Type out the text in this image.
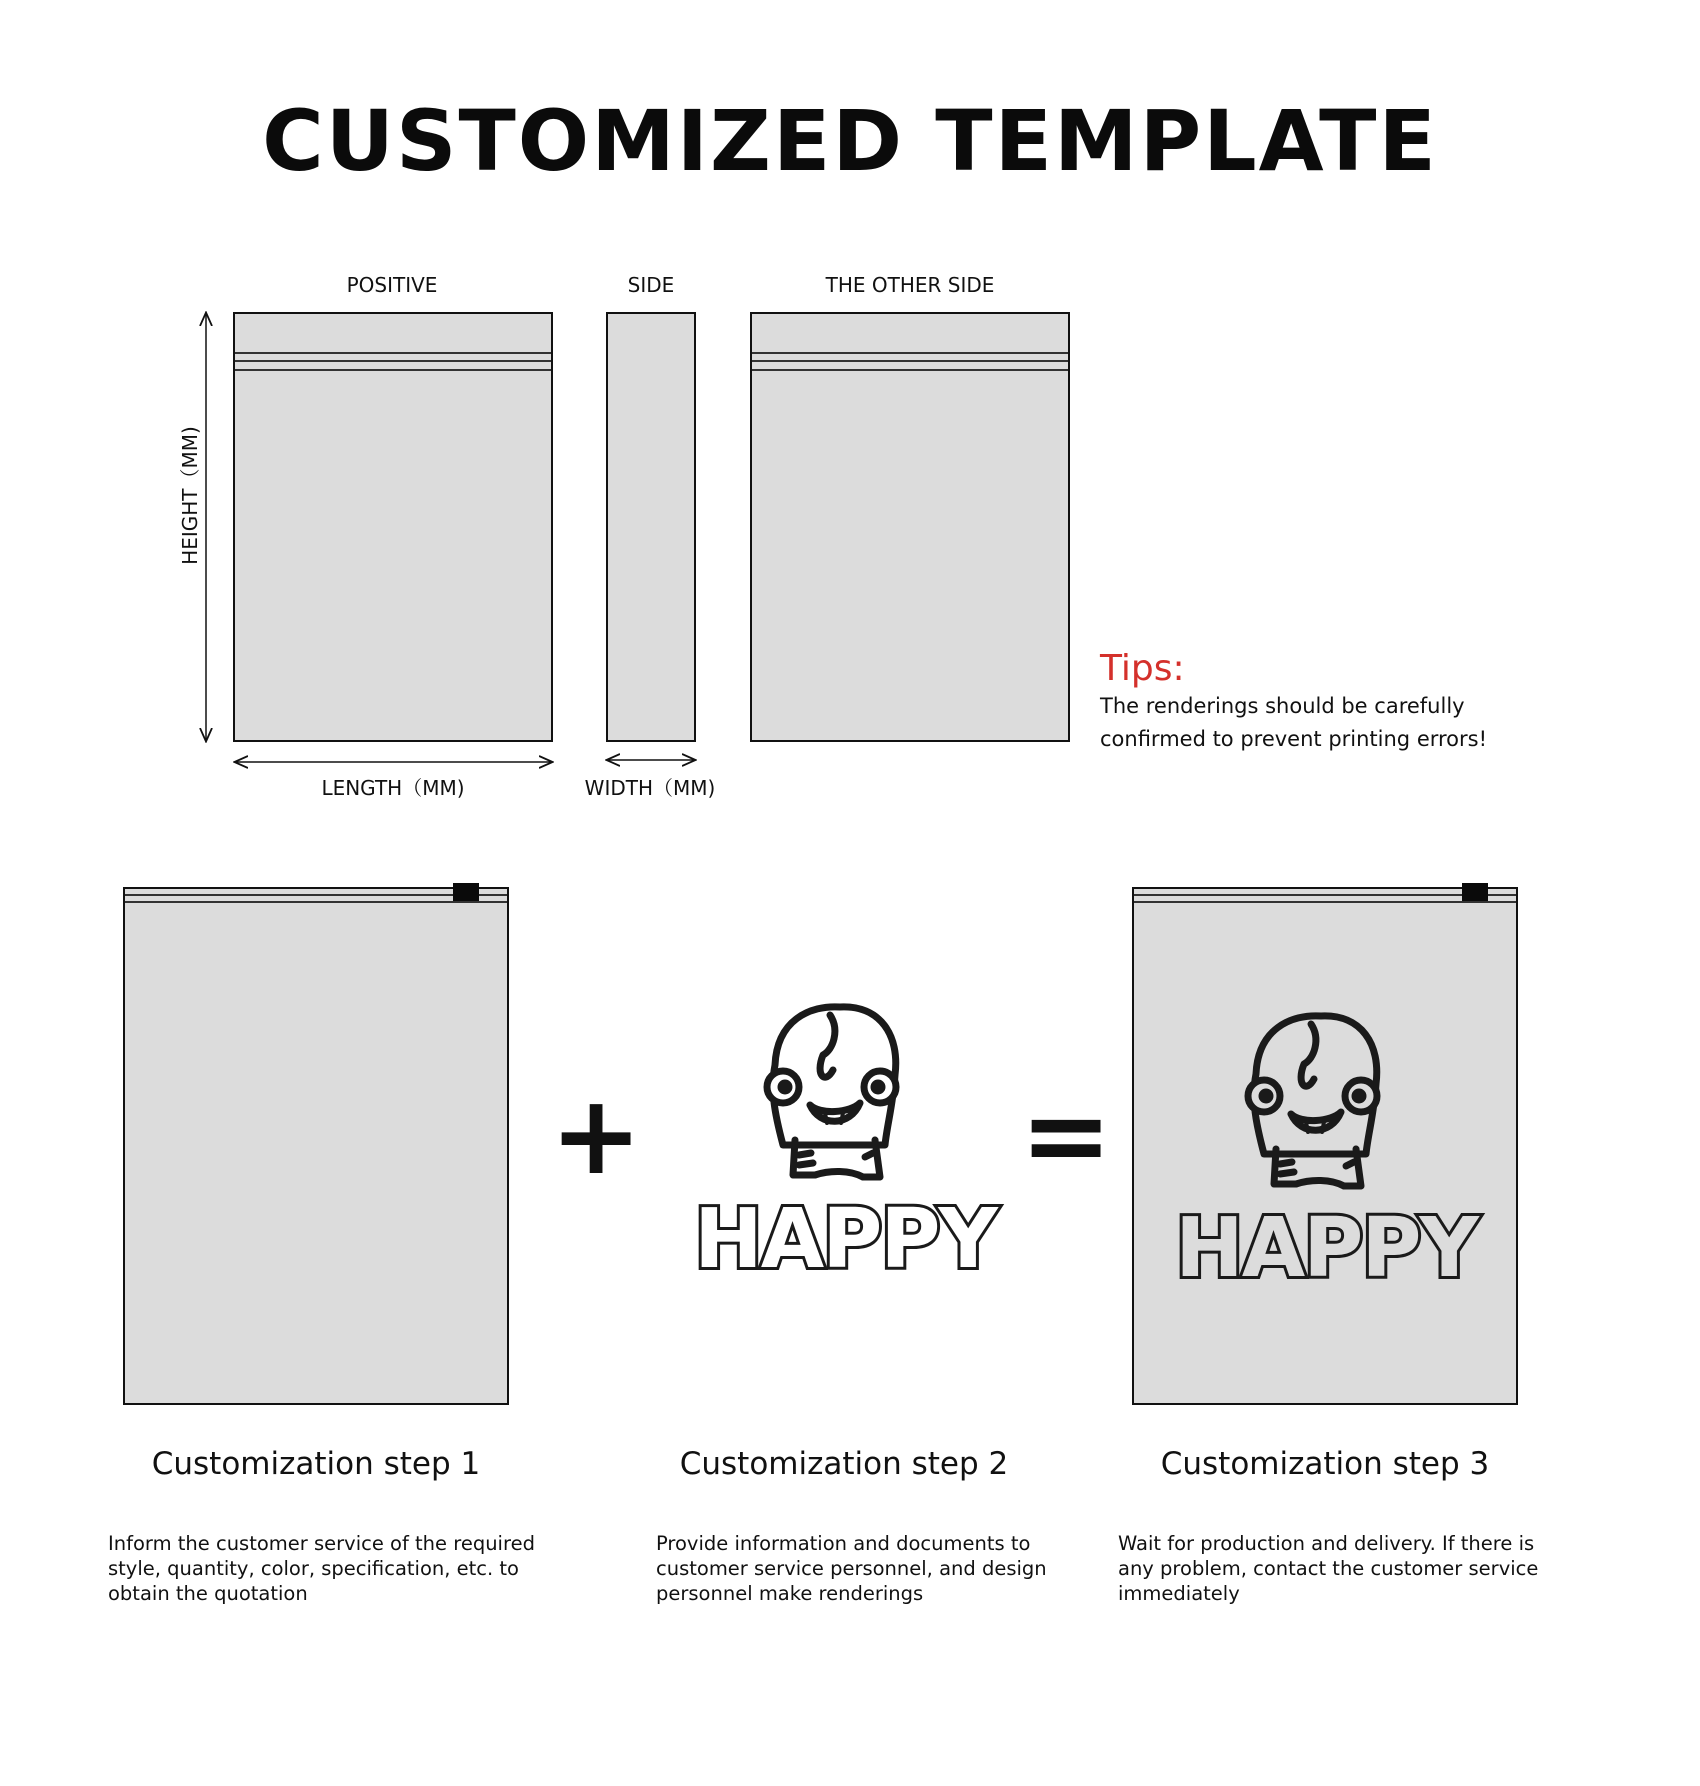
CUSTOMIZED TEMPLATE
POSITIVE	SIDE	THE OTHER SIDE
HEIGHT（MM)
LENGTH（MM)	WIDTH（MM)
Tips:
The renderings should be carefully
confirmed to prevent printing errors!
+
HAPPY
=
HAPPY
Customization step 1	Customization step 2	Customization step 3
Inform the customer service of the required
style, quantity, color, specification, etc. to
obtain the quotation
Provide information and documents to
customer service personnel, and design
personnel make renderings
Wait for production and delivery. If there is
any problem, contact the customer service
immediately
